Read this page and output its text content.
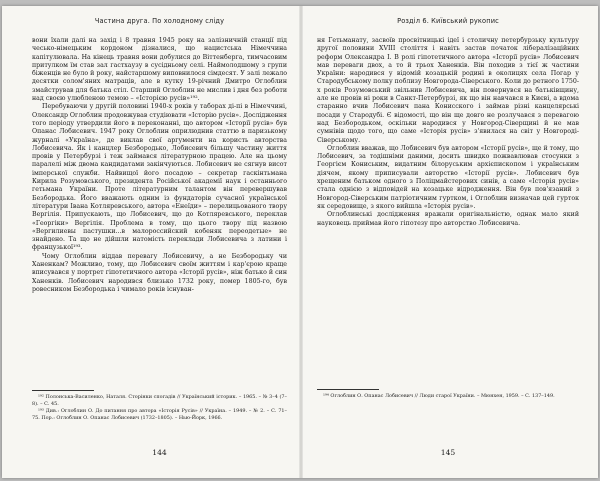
Частина друга. По холодному сліду

вони їхали далі на захід і 8 травня 1945 року на залізничній станції під чесько-німецьким кордоном дізналися, що нацистська Німеччина капітулювала. На кінець травня вони добулися до Віттенберга, тимчасовим притулком їм став зал гастхаузу в сусідньому селі. Наймолодшому з групи біженців не було й року, найстаршому виповнилося сімдесят. У залі лежало десятки солом'яних матраців, але в кутку 19-річний Дмитро Оглоблин змайстрував для батька стіл. Старший Оглоблин не мислив і дня без роботи над своєю улюбленою темою – «Історією русів»¹⁹².

Перебуваючи у другій половині 1940-х років у таборах ді-пі в Німеччині, Олександр Оглоблин продовжував студіювати «Історію русів». Дослідження того періоду утвердили його в переконанні, що автором «Історії русів» був Опанас Лобисевич. 1947 року Оглоблин оприлюднив статтю в паризькому журналі «Україна», де виклав свої аргументи на користь авторства Лобисевича. Як і канцлер Безбородько, Лобисевич більшу частину життя провів у Петербурзі і теж займався літературною працею. Але на цьому паралелі між двома кандидатами закінчуються. Лобисевич не сягнув висот імперської служби. Найвищої його посадою – секретар гаскінтьмана Кирила Розумовського, президента Російської академії наук і останнього гетьмана України. Проте літературним талантом він перевершував Безбородька. Його вважають одним із фундаторів сучасної української літератури Івана Котляревського, автора «Енеїди» – перелицьованого твору Вергілія. Припускають, що Лобисевич, що до Котляревського, переклав «Георгіки» Вергілія. Проблема в тому, що цього твору під назвою «Вергилиевы пастушки...в малороссийский кобеняк переодетые» не знайдено. Та що не дійшли натомість переклади Лобисевичa з латини і французької¹⁹³.

Чому Оглоблин віддав перевагу Лобисевичу, а не Безбородьку чи Ханенкам? Можливо, тому, що Лобисевич своїм життям і кар'єрою краще вписувався у портрет гіпотетичного автора «Історії русів», ніж батько й син Ханенків. Лобисевич народився близько 1732 року, помер 1805-го, був ровесником Безбородька і чимало років існуван-

¹⁹² Полонська-Василенко, Наталя. Сторінки спогадів // Український історик. – 1965. – № 3–4 (7–8). – С. 45.

¹⁹³ Див.: Оглоблин О. До питання про автора «Історія Русів» // Україна. – 1949. – № 2. – С. 71–75. Пор.: Оглоблин О. Опанас Лобисевич (1732–1805). – Нью-Йорк, 1966.

144
Розділ 6. Київський рукопис

ня Гетьманату, засвоїв просвітницькі ідеї і столичну петербурзьку культуру другої половини XVIII століття і навіть застав початок лібералізаційних реформ Олександра І. В ролі гіпотетичного автора «Історії русів» Лобисевич мав переваги двох, а то й трьох Ханенків. Він походив з тієї ж частини України: народився у відомій козацькій родині в околицях села Погар у Стародубському полку поблизу Новгорода-Сіверського. Коли до ретного 1750-х років Розумовський звільнив Лобисевича, він повернувся на батьківщину, але не провів ні роки в Санкт-Петербурзі, як що він навчався в Києві, а вдома старанно вчив Лобисевич пана Конисского і займав різні канцелярські посади у Стародубі. Є відомості, що він ще довго не розлучався з перевагою над Безбородьком, оскільки народився у Новгород-Сіверщині й не мав сумнівів щодо того, що саме «Історія русів» з'явилася на світ у Новгороді-Сіверському.

Оглоблин вважав, що Лобисевич був автором «Історії русів», ще й тому, що Лобисевич, за тодішніми даними, досить швидко пожвавлював стосунки з Георгієм Кониським, видатним білоруським архієпископом і українським діячем, якому приписували авторство «Історії русів». Лобисевич був хрещеним батьком одного з Поліцмайстерових синів, а саме «Історія русів» стала однією з відповідей на козацьке відродження. Він був пов'язаний з Новгород-Сіверським патріотичним гуртком, і Оглоблин визначав цей гурток як середовище, з якого вийшла «Історія русів».

Оглоблинські дослідження вражали оригінальністю, однак мало який науковець приймав його гіпотезу про авторство Лобисевича.

¹⁹⁴ Оглоблин О. Опанас Лобисевич // Люди старої України. – Мюнхен, 1959. – С. 137–149.

145
